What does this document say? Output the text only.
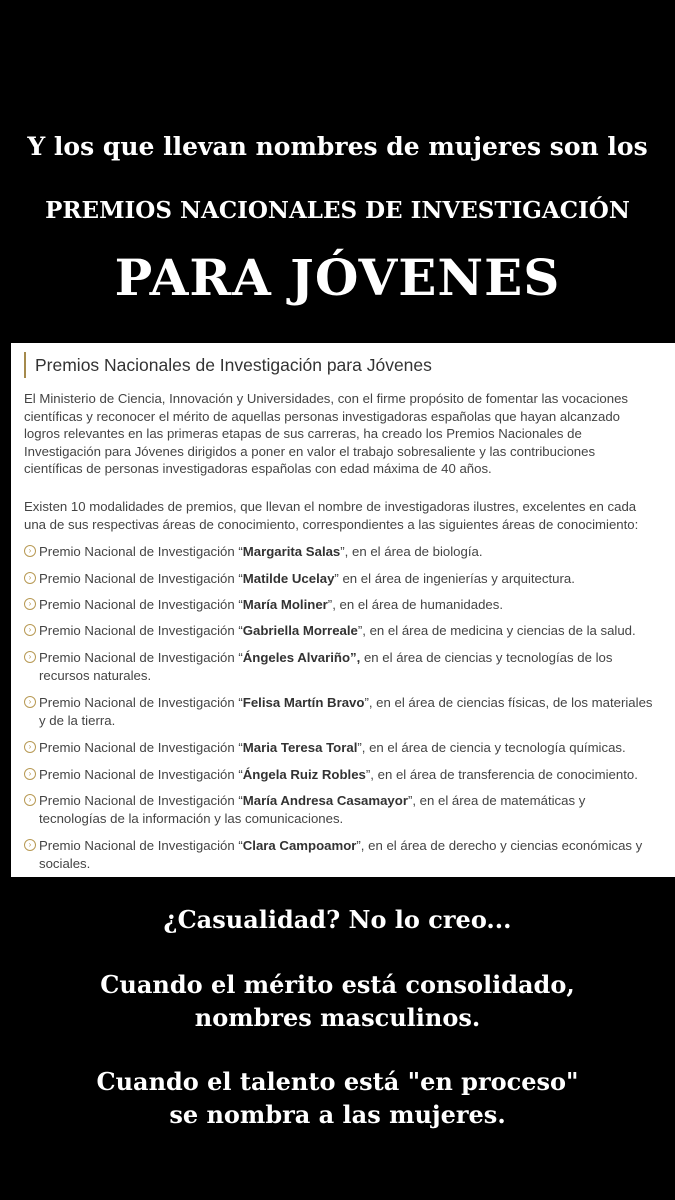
Y los que llevan nombres de mujeres son los
PREMIOS NACIONALES DE INVESTIGACIÓN
PARA JÓVENES
Premios Nacionales de Investigación para Jóvenes
El Ministerio de Ciencia, Innovación y Universidades, con el firme propósito de fomentar las vocaciones
científicas y reconocer el mérito de aquellas personas investigadoras españolas que hayan alcanzado
logros relevantes en las primeras etapas de sus carreras, ha creado los Premios Nacionales de
Investigación para Jóvenes dirigidos a poner en valor el trabajo sobresaliente y las contribuciones
científicas de personas investigadoras españolas con edad máxima de 40 años.
Existen 10 modalidades de premios, que llevan el nombre de investigadoras ilustres, excelentes en cada
una de sus respectivas áreas de conocimiento, correspondientes a las siguientes áreas de conocimiento:
› Premio Nacional de Investigación “Margarita Salas”, en el área de biología.
› Premio Nacional de Investigación “Matilde Ucelay” en el área de ingenierías y arquitectura.
› Premio Nacional de Investigación “María Moliner”, en el área de humanidades.
› Premio Nacional de Investigación “Gabriella Morreale”, en el área de medicina y ciencias de la salud.
› Premio Nacional de Investigación “Ángeles Alvariño”, en el área de ciencias y tecnologías de los
recursos naturales.
› Premio Nacional de Investigación “Felisa Martín Bravo”, en el área de ciencias físicas, de los materiales
y de la tierra.
› Premio Nacional de Investigación “Maria Teresa Toral”, en el área de ciencia y tecnología químicas.
› Premio Nacional de Investigación “Ángela Ruiz Robles”, en el área de transferencia de conocimiento.
› Premio Nacional de Investigación “María Andresa Casamayor”, en el área de matemáticas y
tecnologías de la información y las comunicaciones.
› Premio Nacional de Investigación “Clara Campoamor”, en el área de derecho y ciencias económicas y
sociales.
¿Casualidad? No lo creo...
Cuando el mérito está consolidado,
nombres masculinos.
Cuando el talento está "en proceso"
se nombra a las mujeres.
